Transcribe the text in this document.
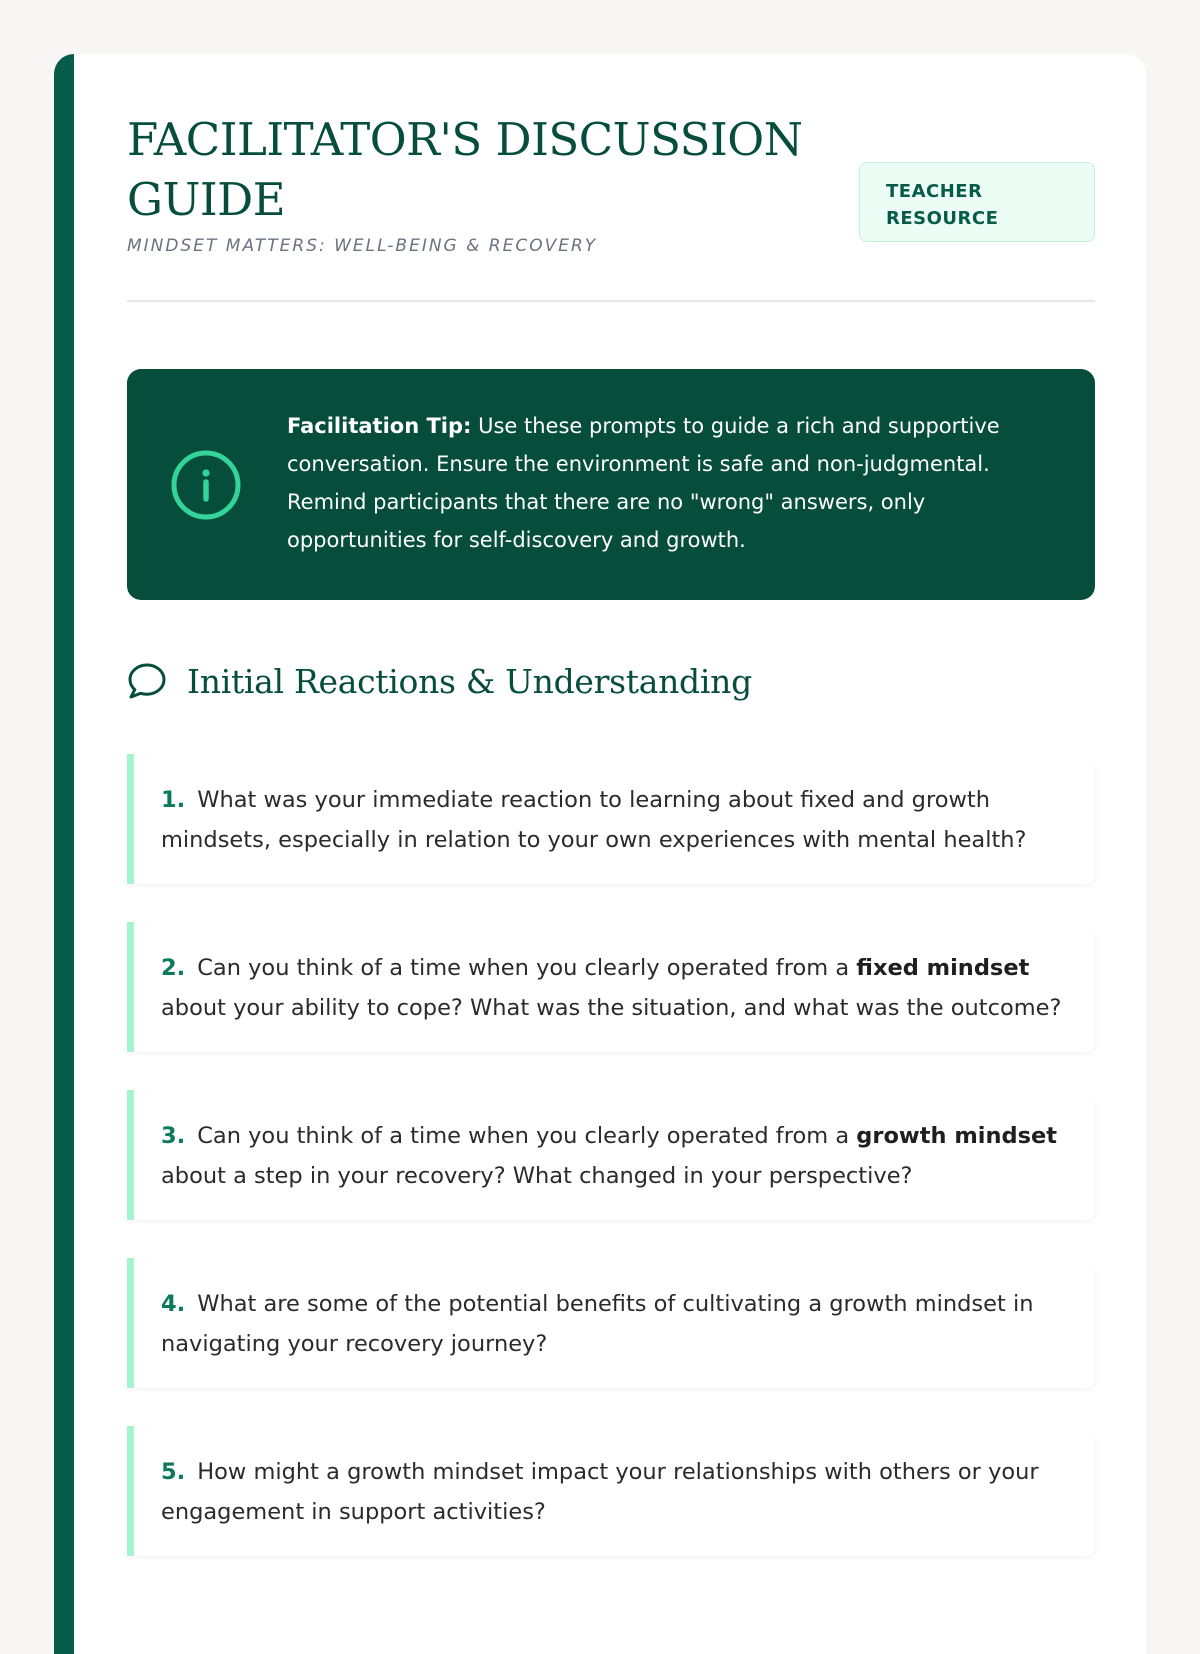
FACILITATOR'S DISCUSSION GUIDE
MINDSET MATTERS: WELL-BEING & RECOVERY
TEACHER RESOURCE
Facilitation Tip: Use these prompts to guide a rich and supportive conversation. Ensure the environment is safe and non-judgmental. Remind participants that there are no "wrong" answers, only opportunities for self-discovery and growth.
Initial Reactions & Understanding
1. What was your immediate reaction to learning about fixed and growth mindsets, especially in relation to your own experiences with mental health?
2. Can you think of a time when you clearly operated from a fixed mindset about your ability to cope? What was the situation, and what was the outcome?
3. Can you think of a time when you clearly operated from a growth mindset about a step in your recovery? What changed in your perspective?
4. What are some of the potential benefits of cultivating a growth mindset in navigating your recovery journey?
5. How might a growth mindset impact your relationships with others or your engagement in support activities?
